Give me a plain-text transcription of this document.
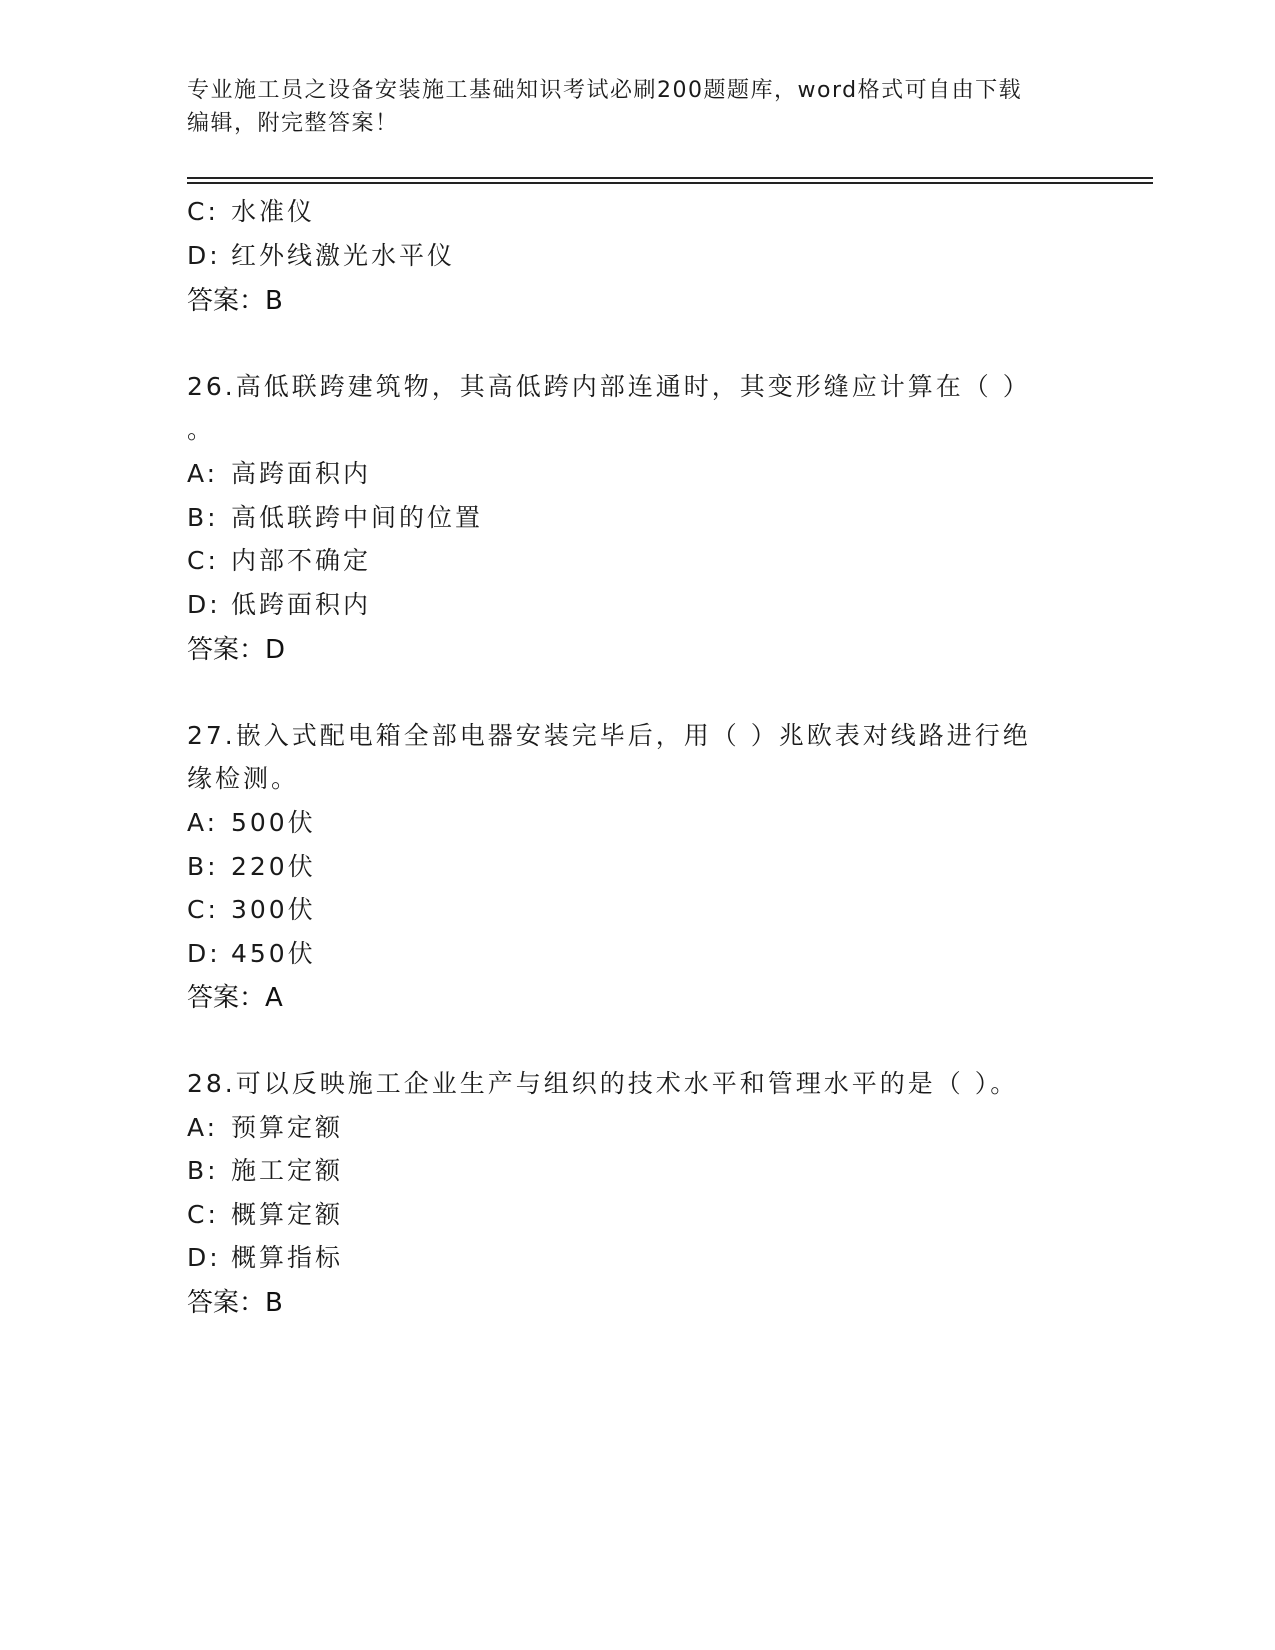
专业施工员之设备安装施工基础知识考试必刷200题题库，word格式可自由下载
编辑，附完整答案！
C: 水准仪
D: 红外线激光水平仪
答案：B
26.高低联跨建筑物，其高低跨内部连通时，其变形缝应计算在（ ）
。
A: 高跨面积内
B: 高低联跨中间的位置
C: 内部不确定
D: 低跨面积内
答案：D
27.嵌入式配电箱全部电器安装完毕后，用（ ）兆欧表对线路进行绝
缘检测。
A: 500伏
B: 220伏
C: 300伏
D: 450伏
答案：A
28.可以反映施工企业生产与组织的技术水平和管理水平的是（ ）。
A: 预算定额
B: 施工定额
C: 概算定额
D: 概算指标
答案：B
